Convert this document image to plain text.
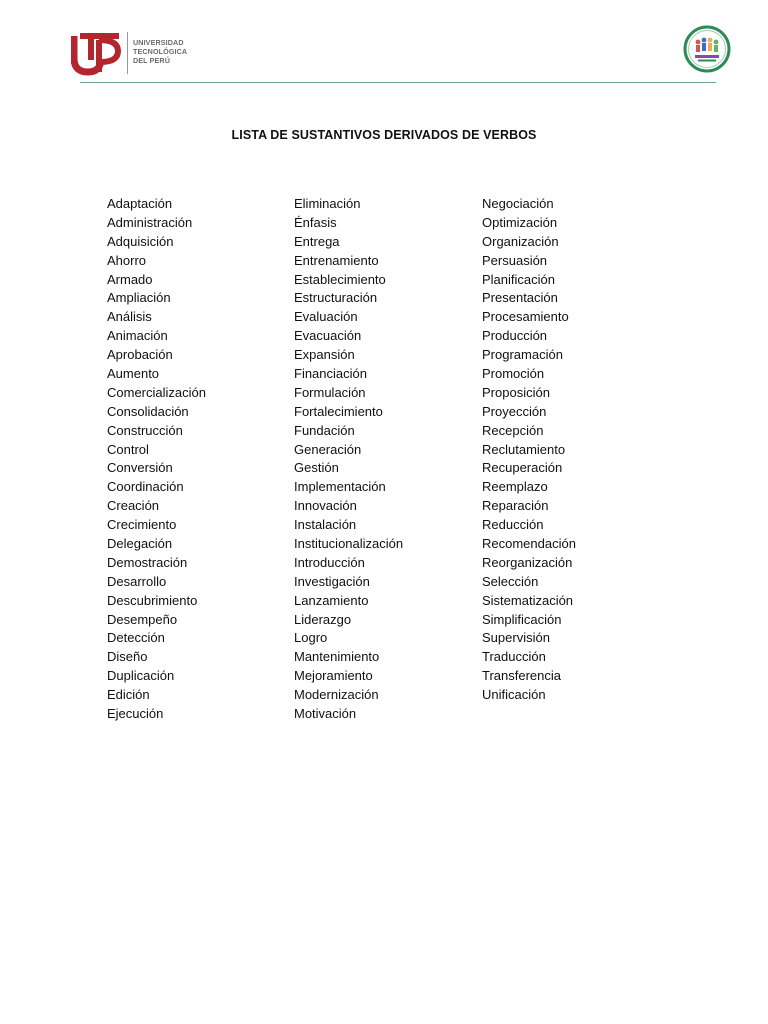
UNIVERSIDAD
TECNOLÓGICA
DEL PERÚ
LISTA DE SUSTANTIVOS DERIVADOS DE VERBOS
Adaptación
Administración
Adquisición
Ahorro
Armado
Ampliación
Análisis
Animación
Aprobación
Aumento
Comercialización
Consolidación
Construcción
Control
Conversión
Coordinación
Creación
Crecimiento
Delegación
Demostración
Desarrollo
Descubrimiento
Desempeño
Detección
Diseño
Duplicación
Edición
Ejecución
Eliminación
Énfasis
Entrega
Entrenamiento
Establecimiento
Estructuración
Evaluación
Evacuación
Expansión
Financiación
Formulación
Fortalecimiento
Fundación
Generación
Gestión
Implementación
Innovación
Instalación
Institucionalización
Introducción
Investigación
Lanzamiento
Liderazgo
Logro
Mantenimiento
Mejoramiento
Modernización
Motivación
Negociación
Optimización
Organización
Persuasión
Planificación
Presentación
Procesamiento
Producción
Programación
Promoción
Proposición
Proyección
Recepción
Reclutamiento
Recuperación
Reemplazo
Reparación
Reducción
Recomendación
Reorganización
Selección
Sistematización
Simplificación
Supervisión
Traducción
Transferencia
Unificación
